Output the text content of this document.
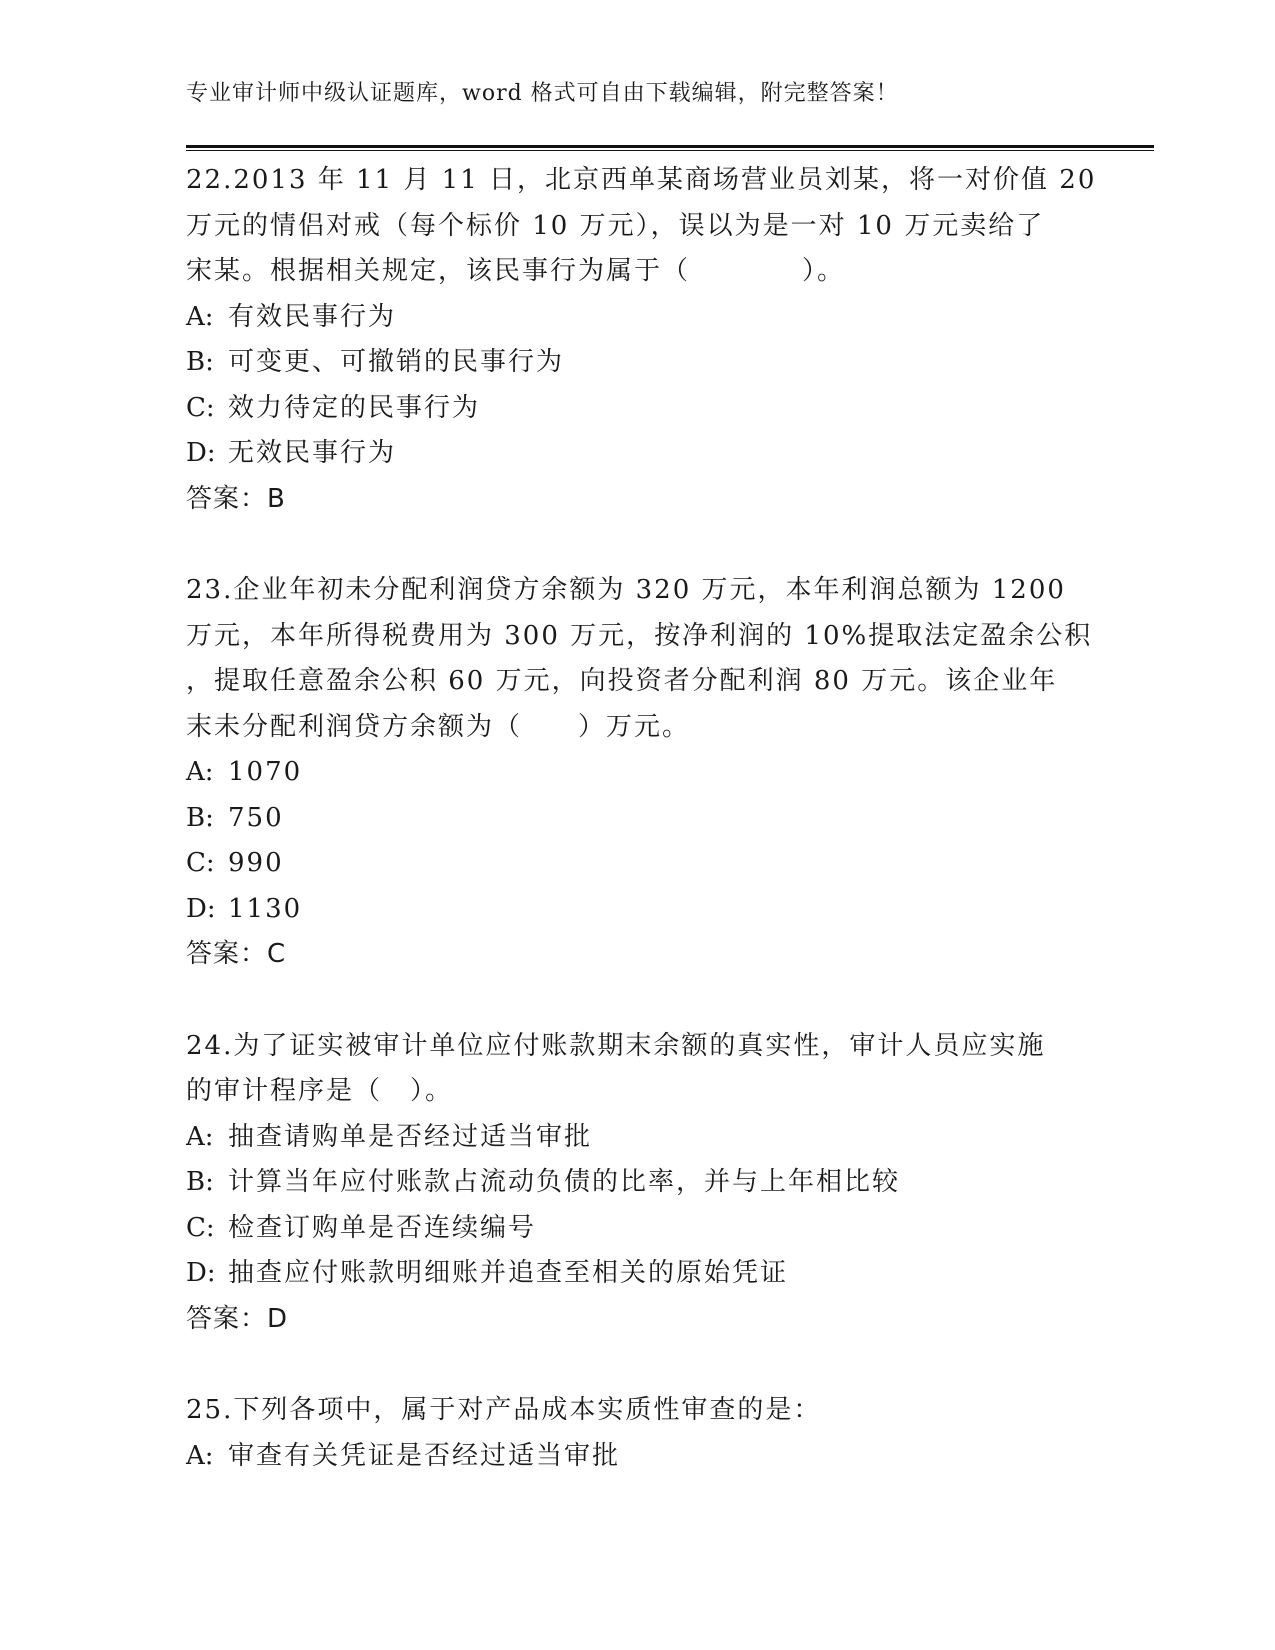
专业审计师中级认证题库，word 格式可自由下载编辑，附完整答案！
22.2013 年 11 月 11 日，北京西单某商场营业员刘某，将一对价值 20
万元的情侣对戒（每个标价 10 万元），误以为是一对 10 万元卖给了
宋某。根据相关规定，该民事行为属于（　　　　）。
A: 有效民事行为
B: 可变更、可撤销的民事行为
C: 效力待定的民事行为
D: 无效民事行为
答案：B
23.企业年初未分配利润贷方余额为 320 万元，本年利润总额为 1200
万元，本年所得税费用为 300 万元，按净利润的 10%提取法定盈余公积
，提取任意盈余公积 60 万元，向投资者分配利润 80 万元。该企业年
末未分配利润贷方余额为（　　）万元。
A: 1070
B: 750
C: 990
D: 1130
答案：C
24.为了证实被审计单位应付账款期末余额的真实性，审计人员应实施
的审计程序是（　）。
A: 抽查请购单是否经过适当审批
B: 计算当年应付账款占流动负债的比率，并与上年相比较
C: 检查订购单是否连续编号
D: 抽查应付账款明细账并追查至相关的原始凭证
答案：D
25.下列各项中，属于对产品成本实质性审查的是：
A: 审查有关凭证是否经过适当审批
